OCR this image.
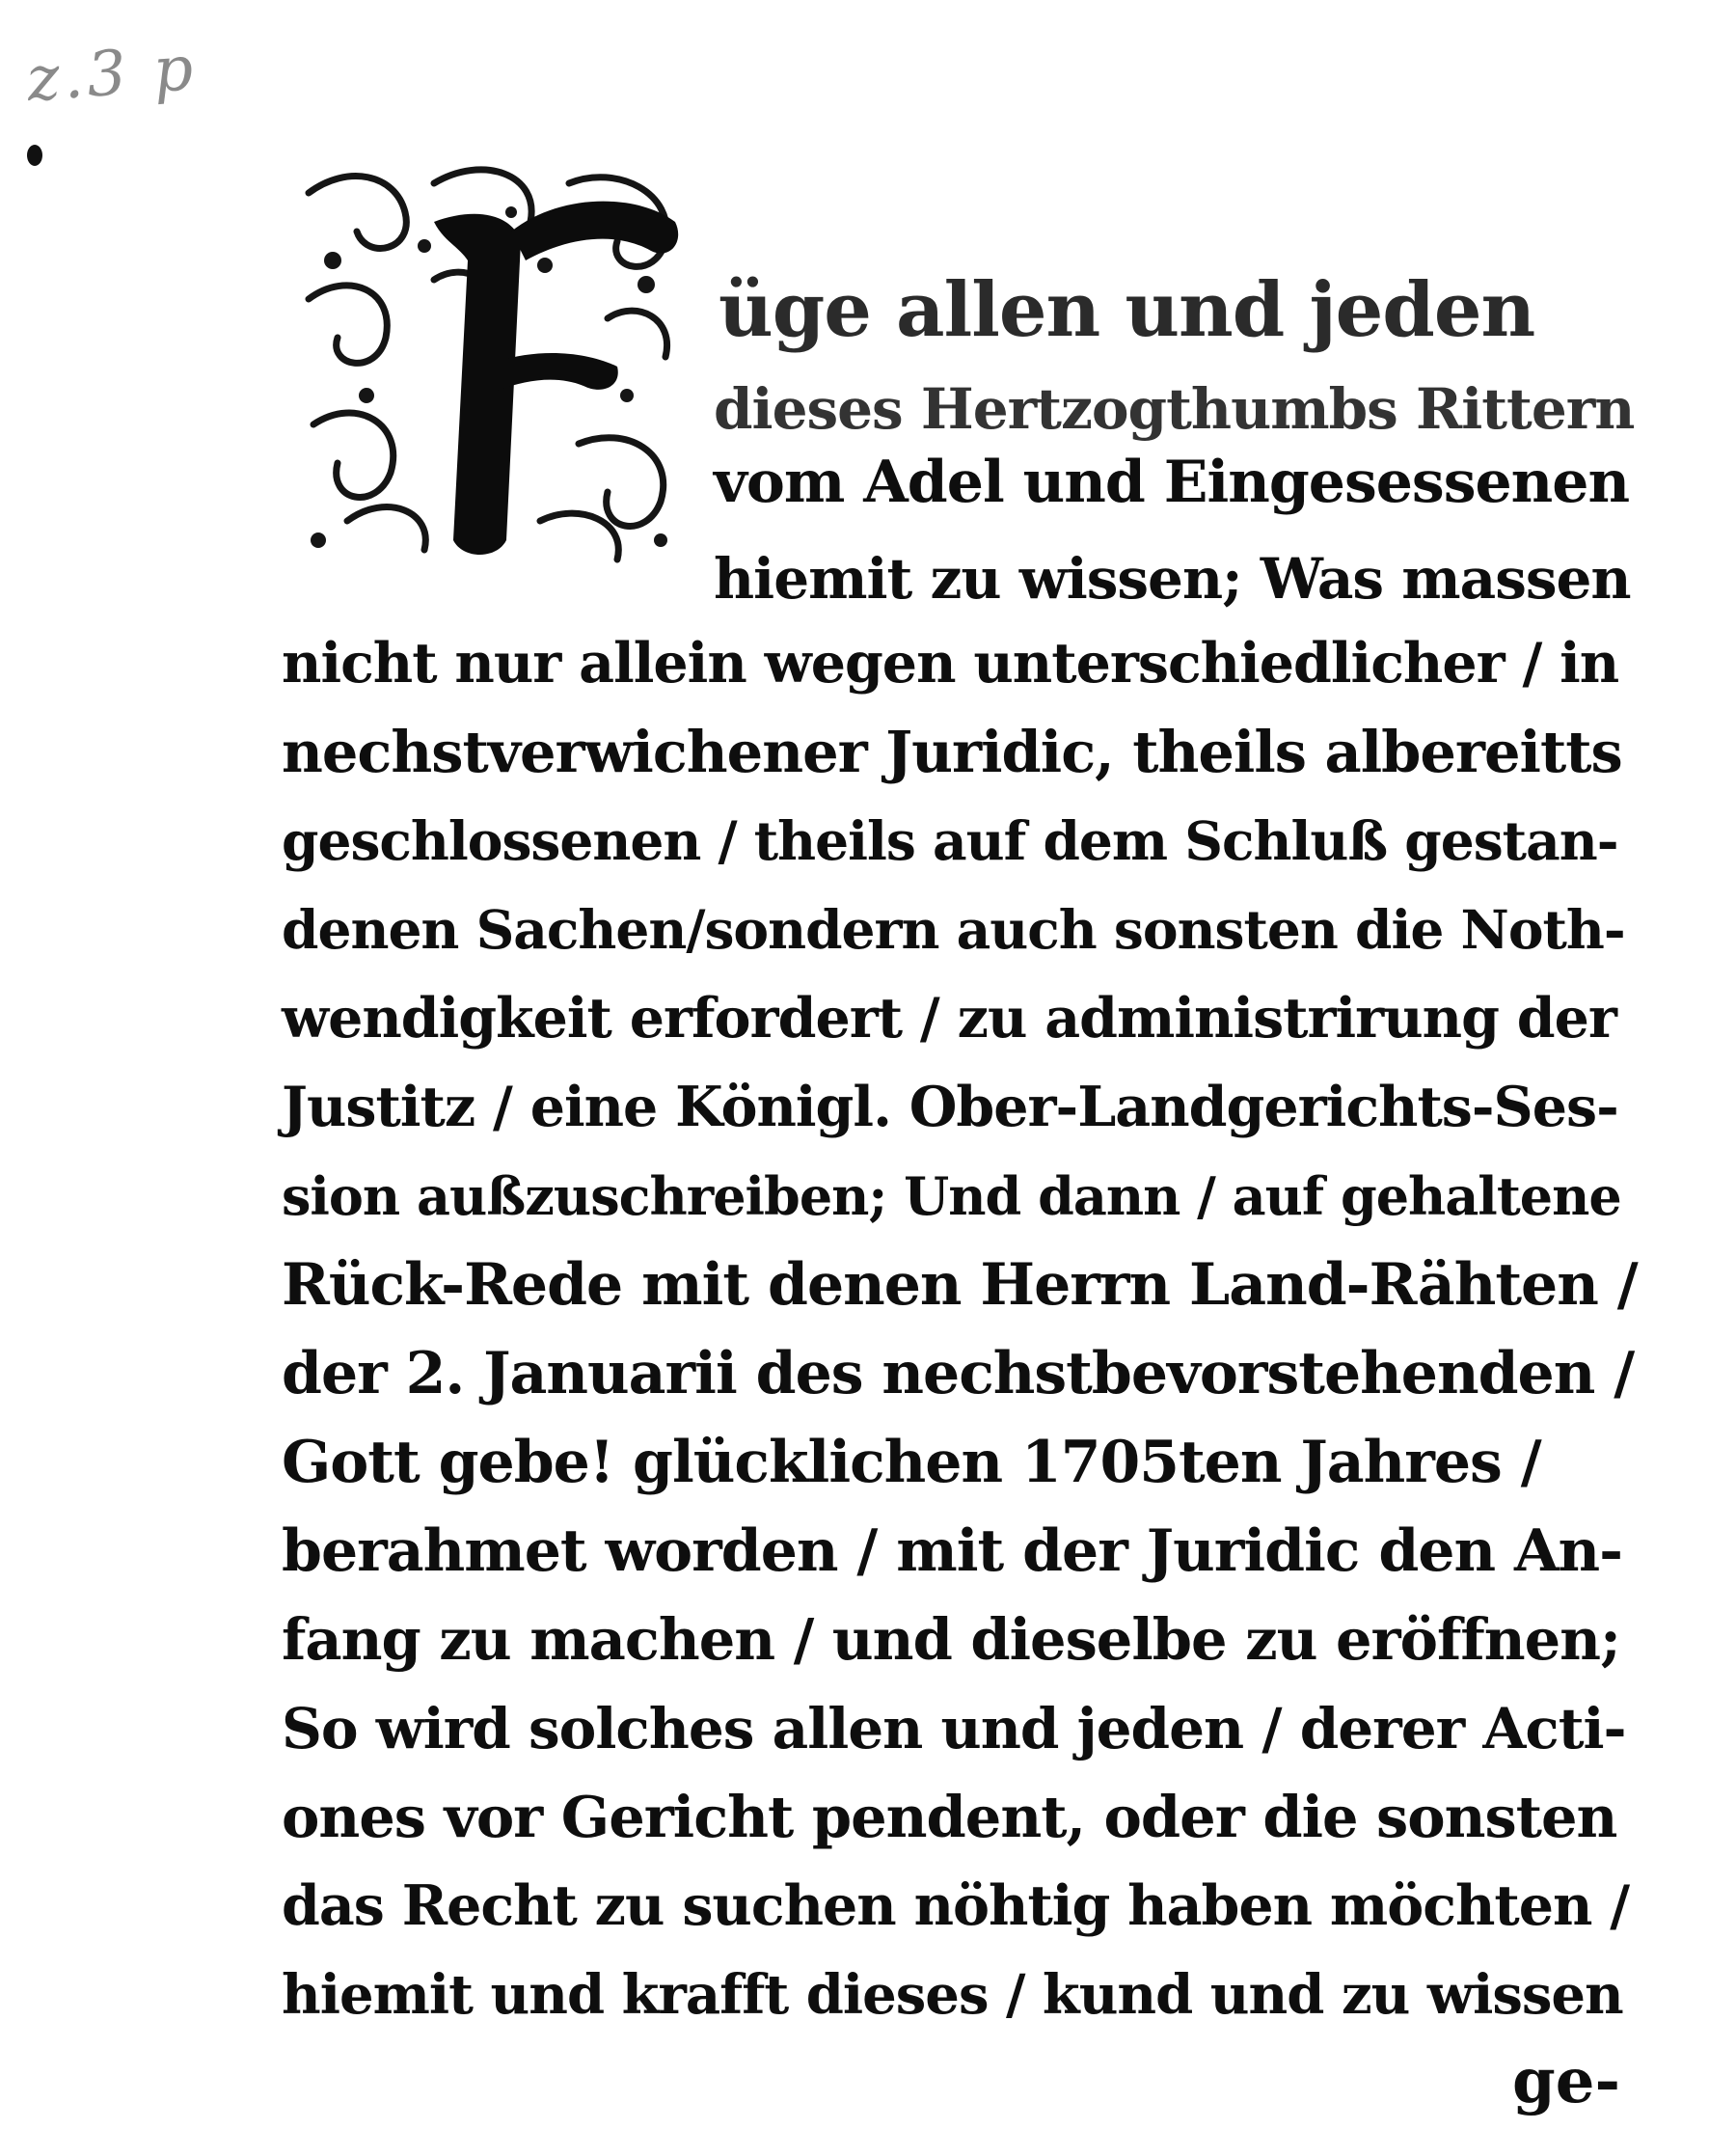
z.3 p
üge allen und jeden
dieses Hertzogthumbs Rittern
vom Adel und Eingesessenen
hiemit zu wissen; Was massen
nicht nur allein wegen unterschiedlicher / in
nechstverwichener Juridic, theils albereitts
geschlossenen / theils auf dem Schluß gestan-
denen Sachen/sondern auch sonsten die Noth-
wendigkeit erfordert / zu administrirung der
Justitz / eine Königl. Ober-Landgerichts-Ses-
sion außzuschreiben; Und dann / auf gehaltene
Rück-Rede mit denen Herrn Land-Rähten /
der 2. Januarii des nechstbevorstehenden /
Gott gebe! glücklichen 1705ten Jahres /
berahmet worden / mit der Juridic den An-
fang zu machen / und dieselbe zu eröffnen;
So wird solches allen und jeden / derer Acti-
ones vor Gericht pendent, oder die sonsten
das Recht zu suchen nöhtig haben möchten /
hiemit und krafft dieses / kund und zu wissen
ge-
